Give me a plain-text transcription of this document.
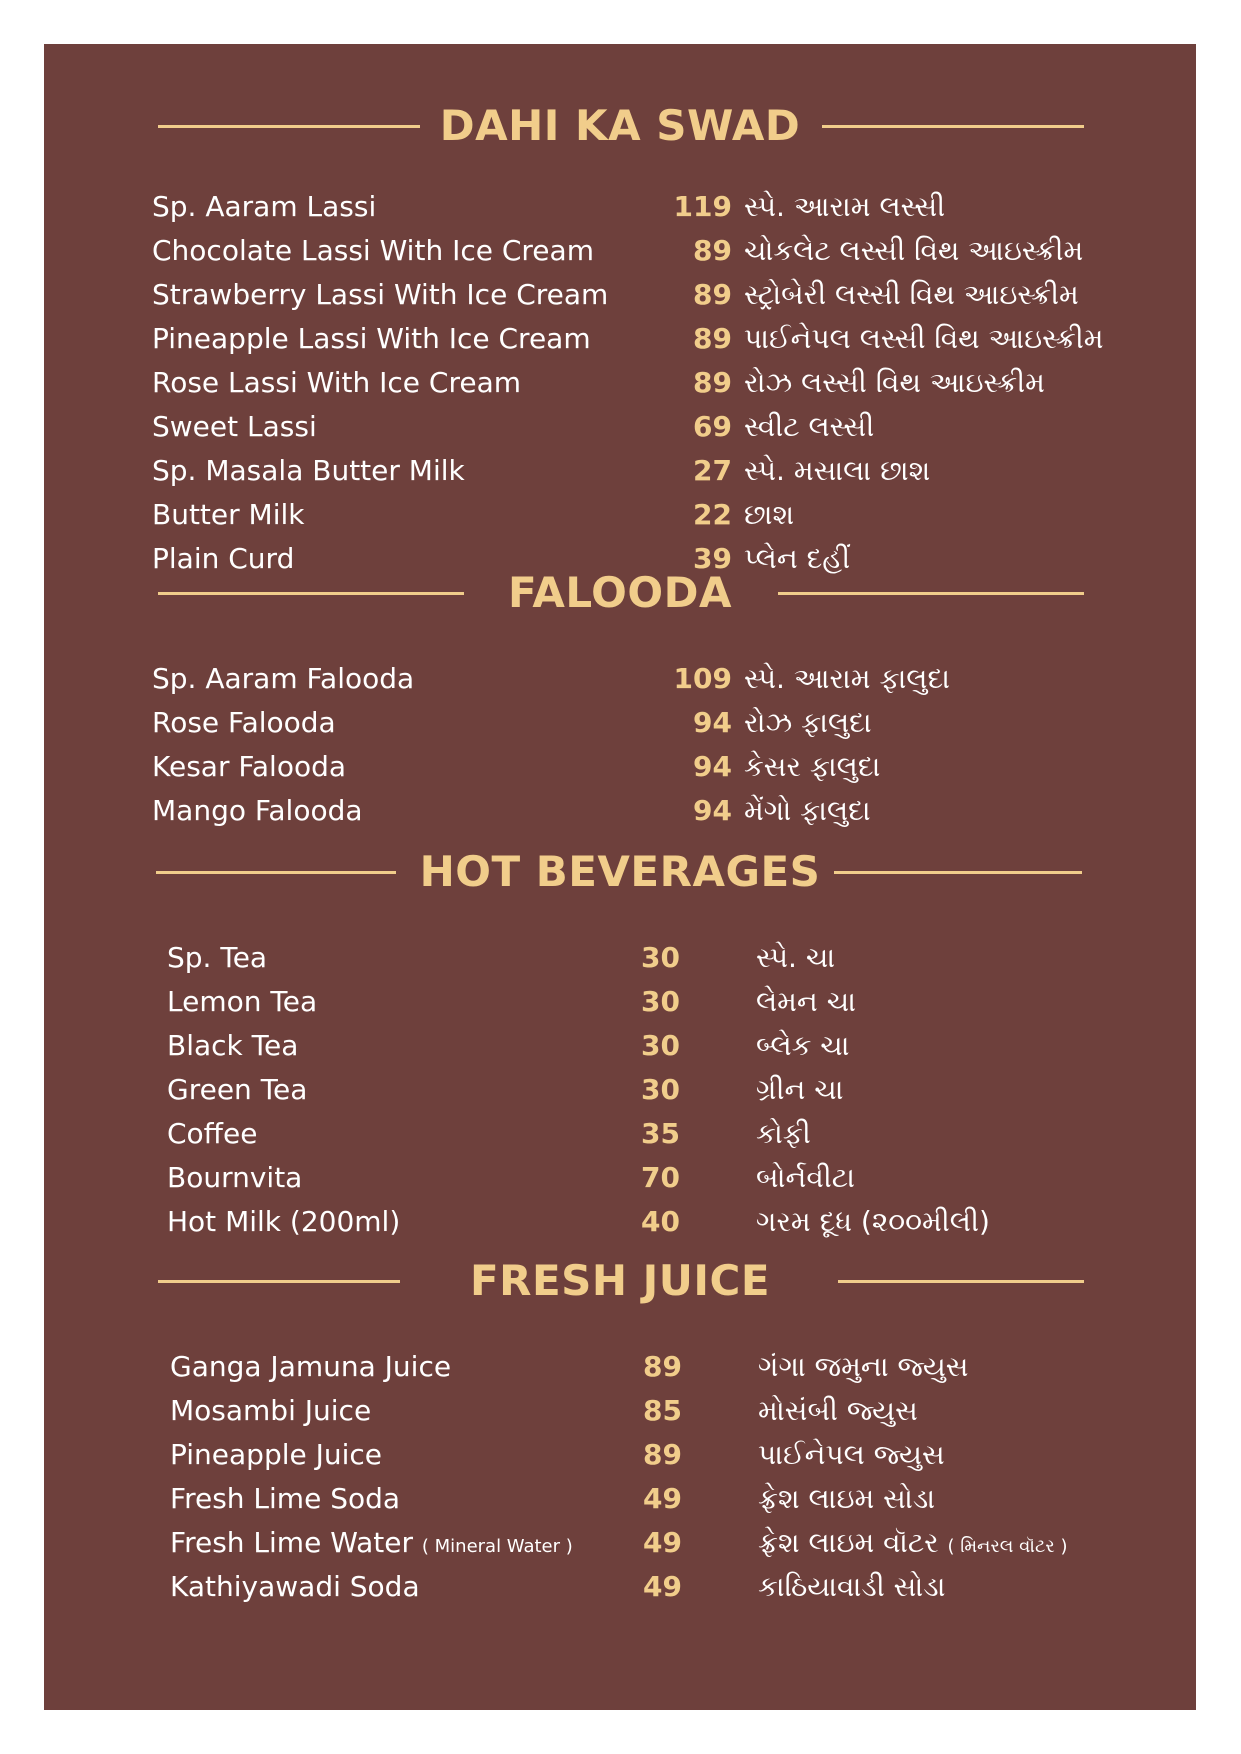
DAHI KA SWAD
FALOODA
HOT BEVERAGES
FRESH JUICE
Sp. Aaram Lassi	119 સ્પે. આરામ લસ્સી
Chocolate Lassi With Ice Cream	89 ચોકલેટ લસ્સી વિથ આઇસ્ક્રીમ
Strawberry Lassi With Ice Cream	89 સ્ટ્રોબેરી લસ્સી વિથ આઇસ્ક્રીમ
Pineapple Lassi With Ice Cream	89 પાઈનેપલ લસ્સી વિથ આઇસ્ક્રીમ
Rose Lassi With Ice Cream	89 રોઝ લસ્સી વિથ આઇસ્ક્રીમ
Sweet Lassi	69 સ્વીટ લસ્સી
Sp. Masala Butter Milk	27 સ્પે. મસાલા છાશ
Butter Milk	22 છાશ
Plain Curd	39 પ્લેન દહીં
Sp. Aaram Falooda	109 સ્પે. આરામ ફાલુદા
Rose Falooda	94 રોઝ ફાલુદા
Kesar Falooda	94 કેસર ફાલુદા
Mango Falooda	94 મેંગો ફાલુદા
Sp. Tea	30	સ્પે. ચા
Lemon Tea	30	લેમન ચા
Black Tea	30	બ્લેક ચા
Green Tea	30	ગ્રીન ચા
Coffee	35	કોફી
Bournvita	70	બોર્નવીટા
Hot Milk (200ml)	40	ગરમ દૂધ (૨૦૦મીલી)
Ganga Jamuna Juice	89	ગંગા જમુના જ્યુસ
Mosambi Juice	85	મોસંબી જ્યુસ
Pineapple Juice	89	પાઈનેપલ જ્યુસ
Fresh Lime Soda	49	ફ્રેશ લાઇમ સોડા
Fresh Lime Water ( Mineral Water )	49	ફ્રેશ લાઇમ વૉટર ( મિનરલ વૉટર )
Kathiyawadi Soda	49	કાઠિયાવાડી સોડા
